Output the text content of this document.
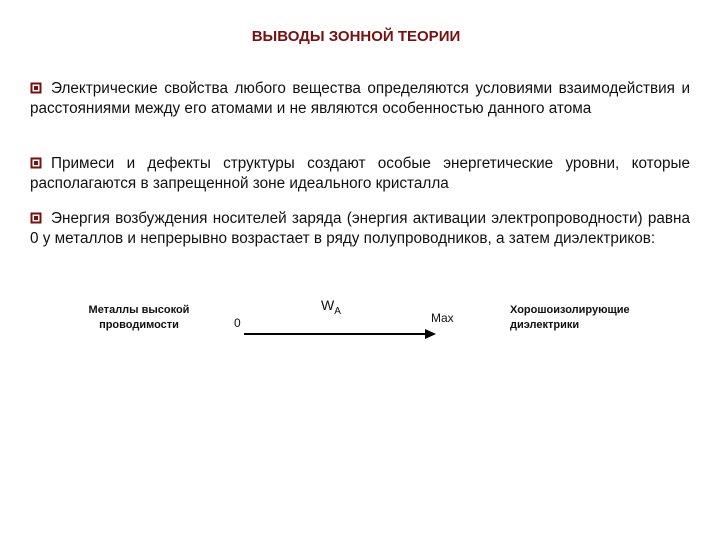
ВЫВОДЫ ЗОННОЙ ТЕОРИИ
Электрические свойства любого вещества определяются условиями взаимодействия и расстояниями между его атомами и не являются особенностью данного атома
Примеси и дефекты структуры создают особые энергетические уровни, которые располагаются в запрещенной зоне идеального кристалла
Энергия возбуждения носителей заряда (энергия активации электропроводности) равна 0 у металлов и непрерывно возрастает в ряду полупроводников, а затем диэлектриков:
Металлы высокой проводимости	0
$W_A$	Max
Хорошоизолирующие диэлектрики
